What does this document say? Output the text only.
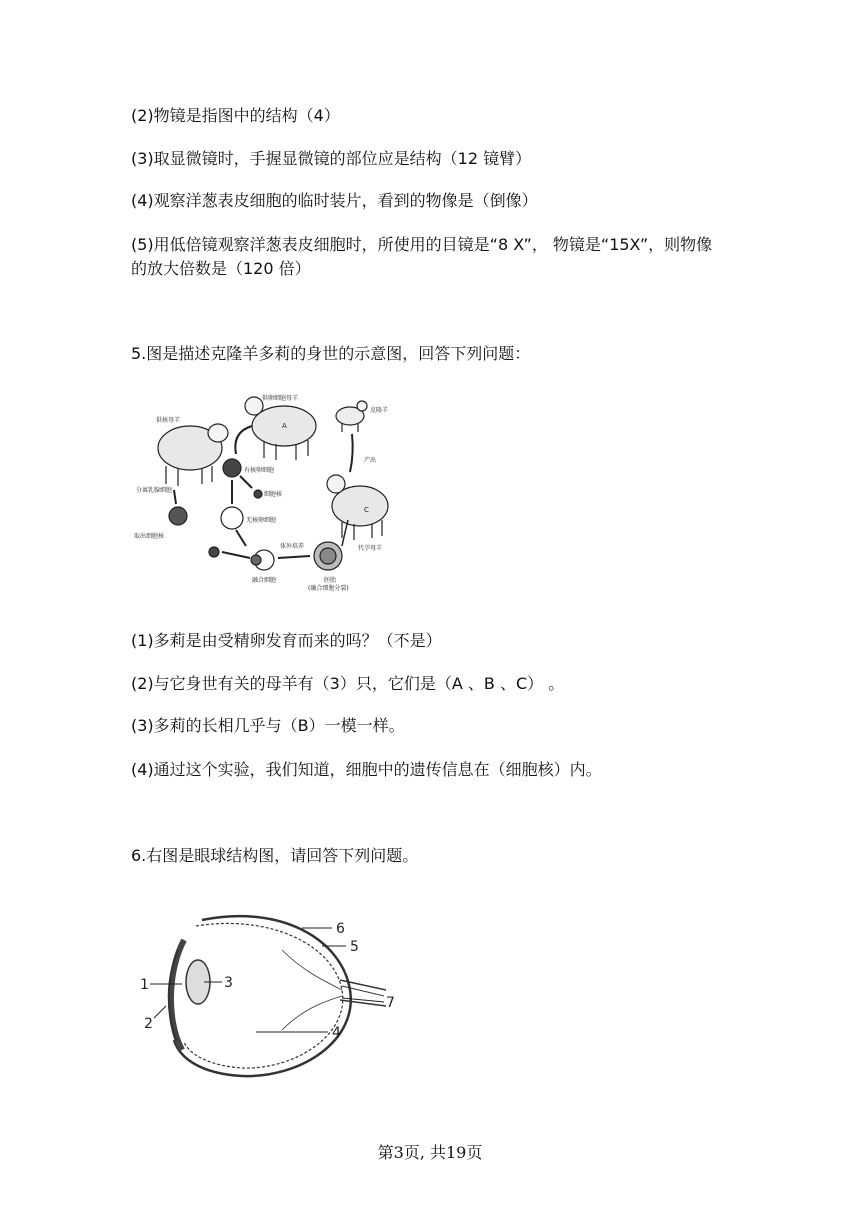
(2)物镜是指图中的结构（4）
(3)取显微镜时，手握显微镜的部位应是结构（12 镜臂）
(4)观察洋葱表皮细胞的临时装片，看到的物像是（倒像）
(5)用低倍镜观察洋葱表皮细胞时，所使用的目镜是“8 X”， 物镜是“15X”，则物像
的放大倍数是（120 倍）
5.图是描述克隆羊多莉的身世的示意图，回答下列问题：
供卵细胞母羊
克隆羊
供核母羊
分离乳腺细胞
有核卵细胞
细胞核
取出细胞核
无核卵细胞
融合细胞
体外培养
胚胎
(融合细胞分裂)
产出
代孕母羊
A
C
(1)多莉是由受精卵发育而来的吗？（不是）
(2)与它身世有关的母羊有（3）只，它们是（A 、B 、C） 。
(3)多莉的长相几乎与（B）一模一样。
(4)通过这个实验，我们知道，细胞中的遗传信息在（细胞核）内。
6.右图是眼球结构图，请回答下列问题。
1
2
3
4
5
6
7
第3页, 共19页
